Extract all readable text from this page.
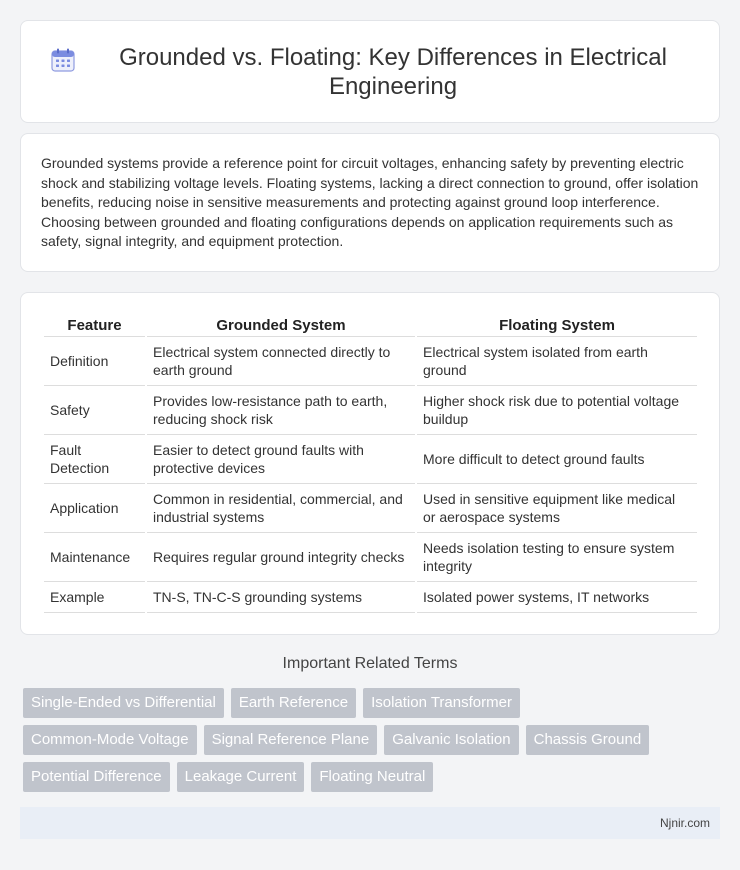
Grounded vs. Floating: Key Differences in Electrical Engineering

Grounded systems provide a reference point for circuit voltages, enhancing safety by preventing electric shock and stabilizing voltage levels. Floating systems, lacking a direct connection to ground, offer isolation benefits, reducing noise in sensitive measurements and protecting against ground loop interference. Choosing between grounded and floating configurations depends on application requirements such as safety, signal integrity, and equipment protection.

Feature	Grounded System	Floating System
Definition	Electrical system connected directly to earth ground	Electrical system isolated from earth ground
Safety	Provides low-resistance path to earth, reducing shock risk	Higher shock risk due to potential voltage buildup
Fault Detection	Easier to detect ground faults with protective devices	More difficult to detect ground faults
Application	Common in residential, commercial, and industrial systems	Used in sensitive equipment like medical or aerospace systems
Maintenance	Requires regular ground integrity checks	Needs isolation testing to ensure system integrity
Example	TN-S, TN-C-S grounding systems	Isolated power systems, IT networks
Important Related Terms
Single-Ended vs Differential	Earth Reference	Isolation Transformer
Common-Mode Voltage	Signal Reference Plane	Galvanic Isolation	Chassis Ground
Potential Difference	Leakage Current	Floating Neutral
Njnir.com
